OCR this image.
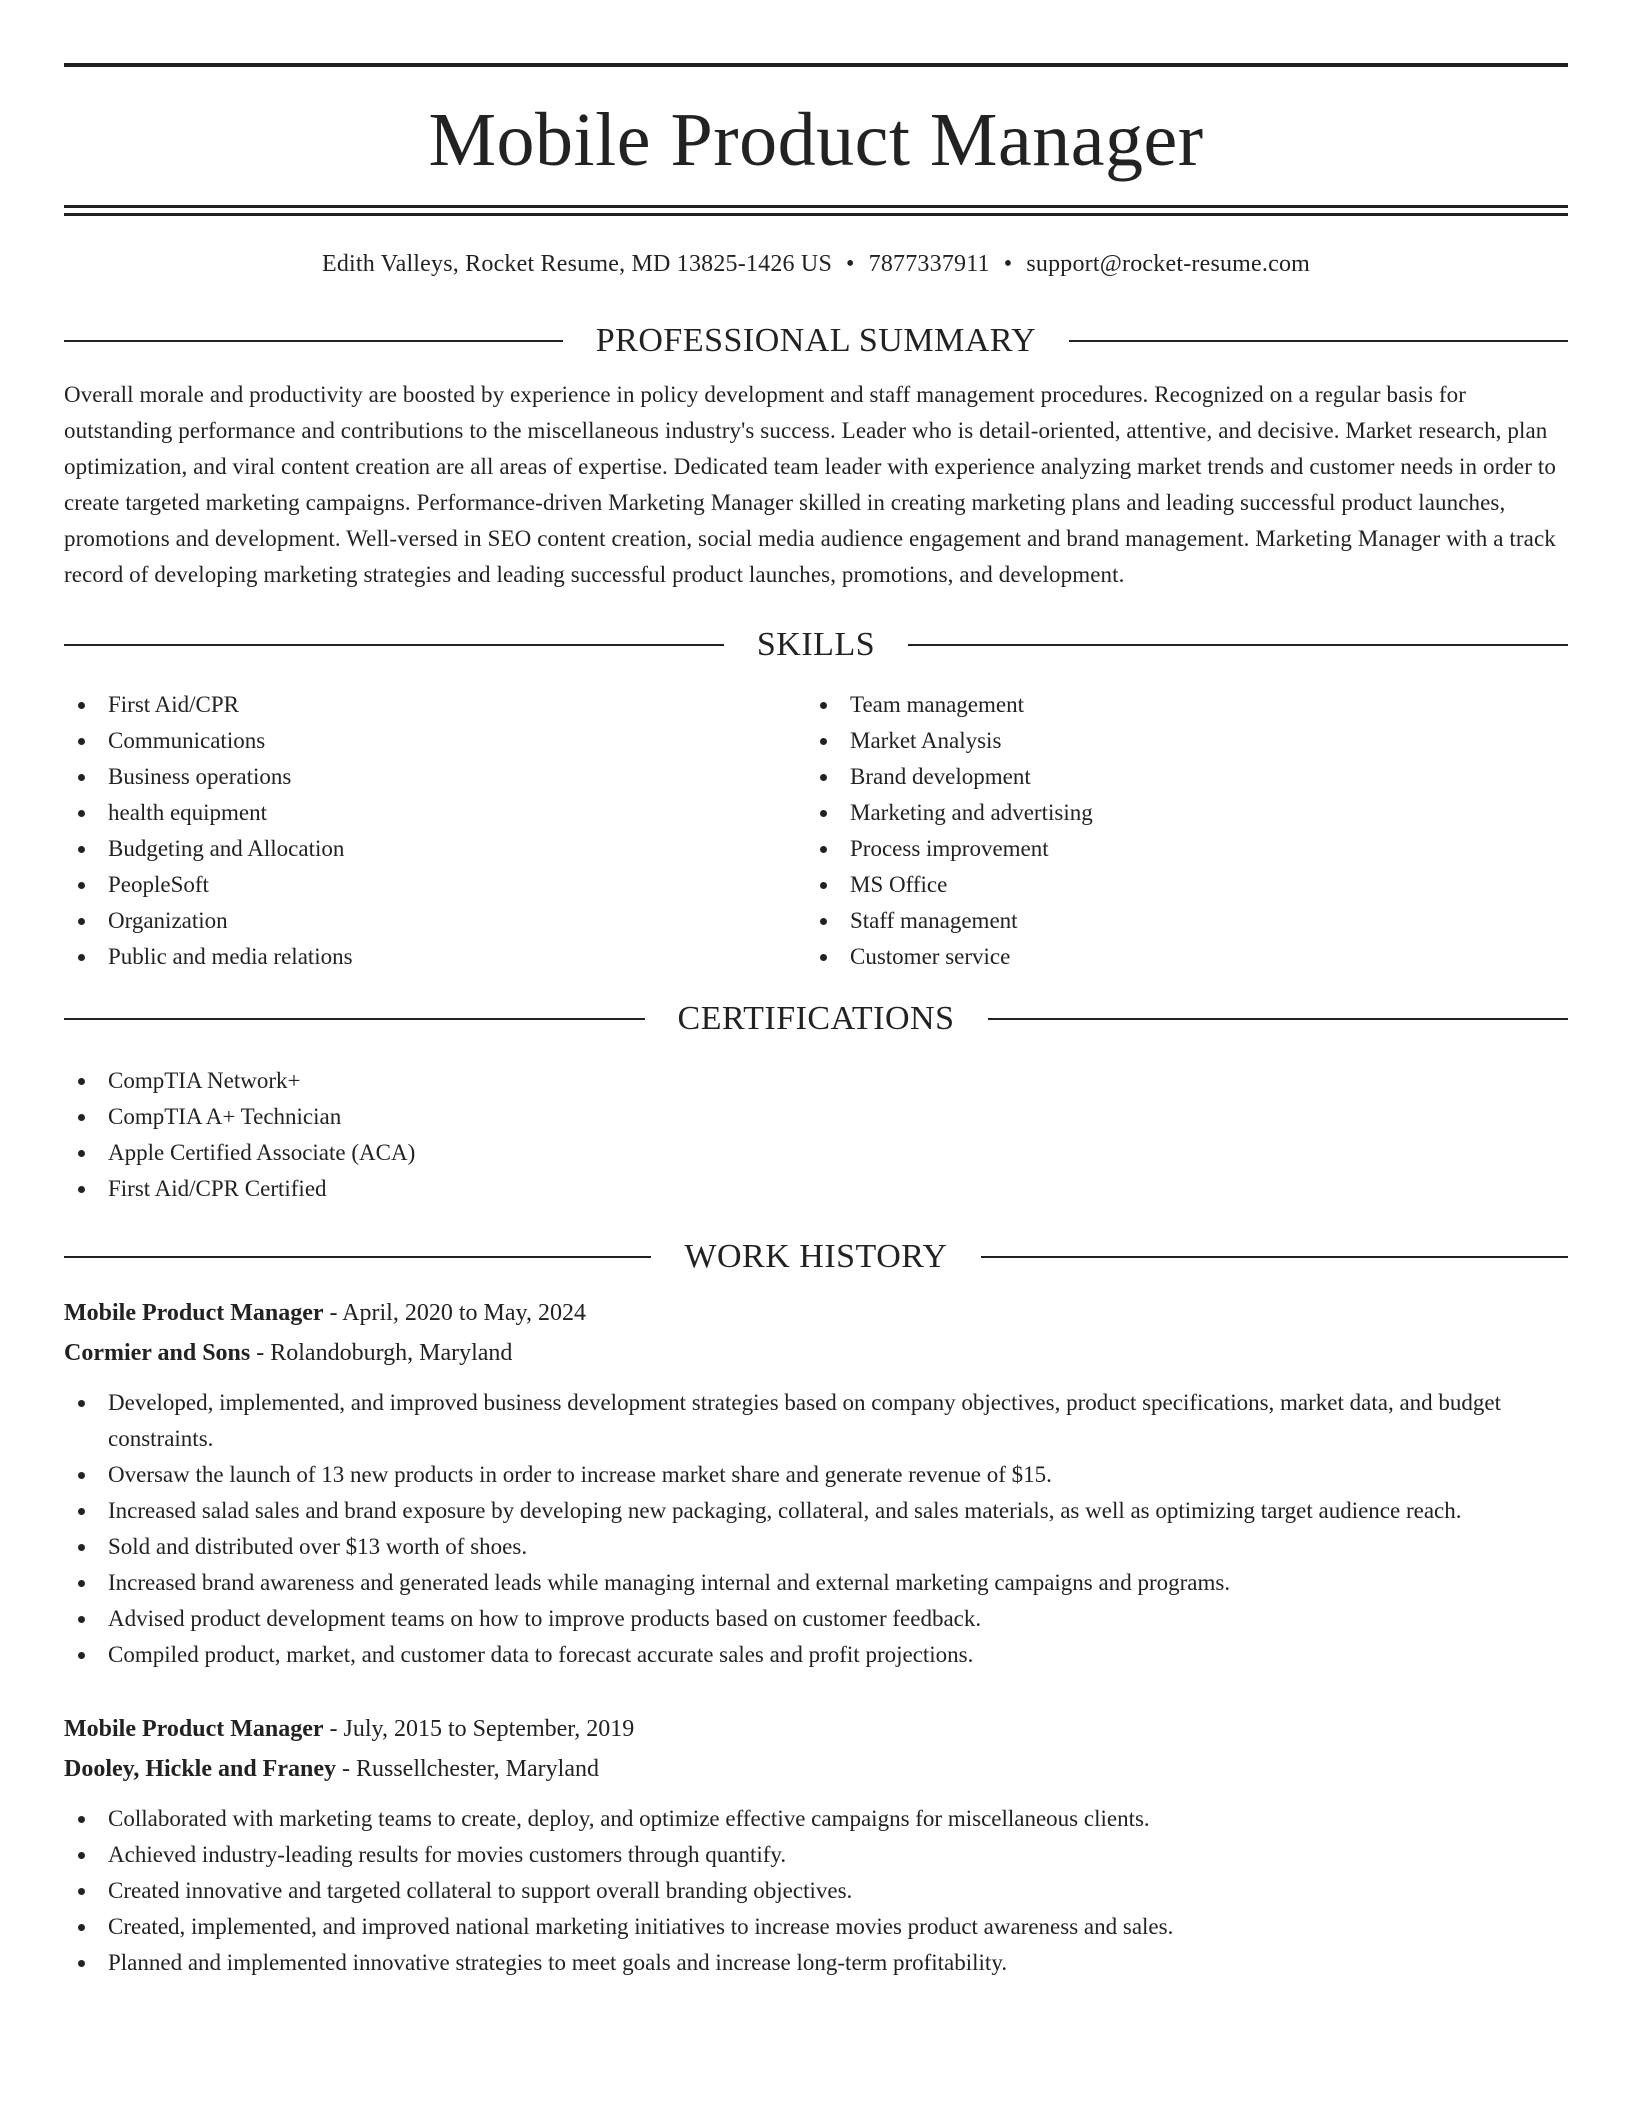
Mobile Product Manager
Edith Valleys, Rocket Resume, MD 13825-1426 US • 7877337911 • support@rocket-resume.com
PROFESSIONAL SUMMARY
Overall morale and productivity are boosted by experience in policy development and staff management procedures. Recognized on a regular basis for outstanding performance and contributions to the miscellaneous industry's success. Leader who is detail-oriented, attentive, and decisive. Market research, plan optimization, and viral content creation are all areas of expertise. Dedicated team leader with experience analyzing market trends and customer needs in order to create targeted marketing campaigns. Performance-driven Marketing Manager skilled in creating marketing plans and leading successful product launches, promotions and development. Well-versed in SEO content creation, social media audience engagement and brand management. Marketing Manager with a track record of developing marketing strategies and leading successful product launches, promotions, and development.
SKILLS
First Aid/CPR
Communications
Business operations
health equipment
Budgeting and Allocation
PeopleSoft
Organization
Public and media relations
Team management
Market Analysis
Brand development
Marketing and advertising
Process improvement
MS Office
Staff management
Customer service
CERTIFICATIONS
CompTIA Network+
CompTIA A+ Technician
Apple Certified Associate (ACA)
First Aid/CPR Certified
WORK HISTORY
Mobile Product Manager - April, 2020 to May, 2024
Cormier and Sons - Rolandoburgh, Maryland
Developed, implemented, and improved business development strategies based on company objectives, product specifications, market data, and budget constraints.
Oversaw the launch of 13 new products in order to increase market share and generate revenue of $15.
Increased salad sales and brand exposure by developing new packaging, collateral, and sales materials, as well as optimizing target audience reach.
Sold and distributed over $13 worth of shoes.
Increased brand awareness and generated leads while managing internal and external marketing campaigns and programs.
Advised product development teams on how to improve products based on customer feedback.
Compiled product, market, and customer data to forecast accurate sales and profit projections.
Mobile Product Manager - July, 2015 to September, 2019
Dooley, Hickle and Franey - Russellchester, Maryland
Collaborated with marketing teams to create, deploy, and optimize effective campaigns for miscellaneous clients.
Achieved industry-leading results for movies customers through quantify.
Created innovative and targeted collateral to support overall branding objectives.
Created, implemented, and improved national marketing initiatives to increase movies product awareness and sales.
Planned and implemented innovative strategies to meet goals and increase long-term profitability.
